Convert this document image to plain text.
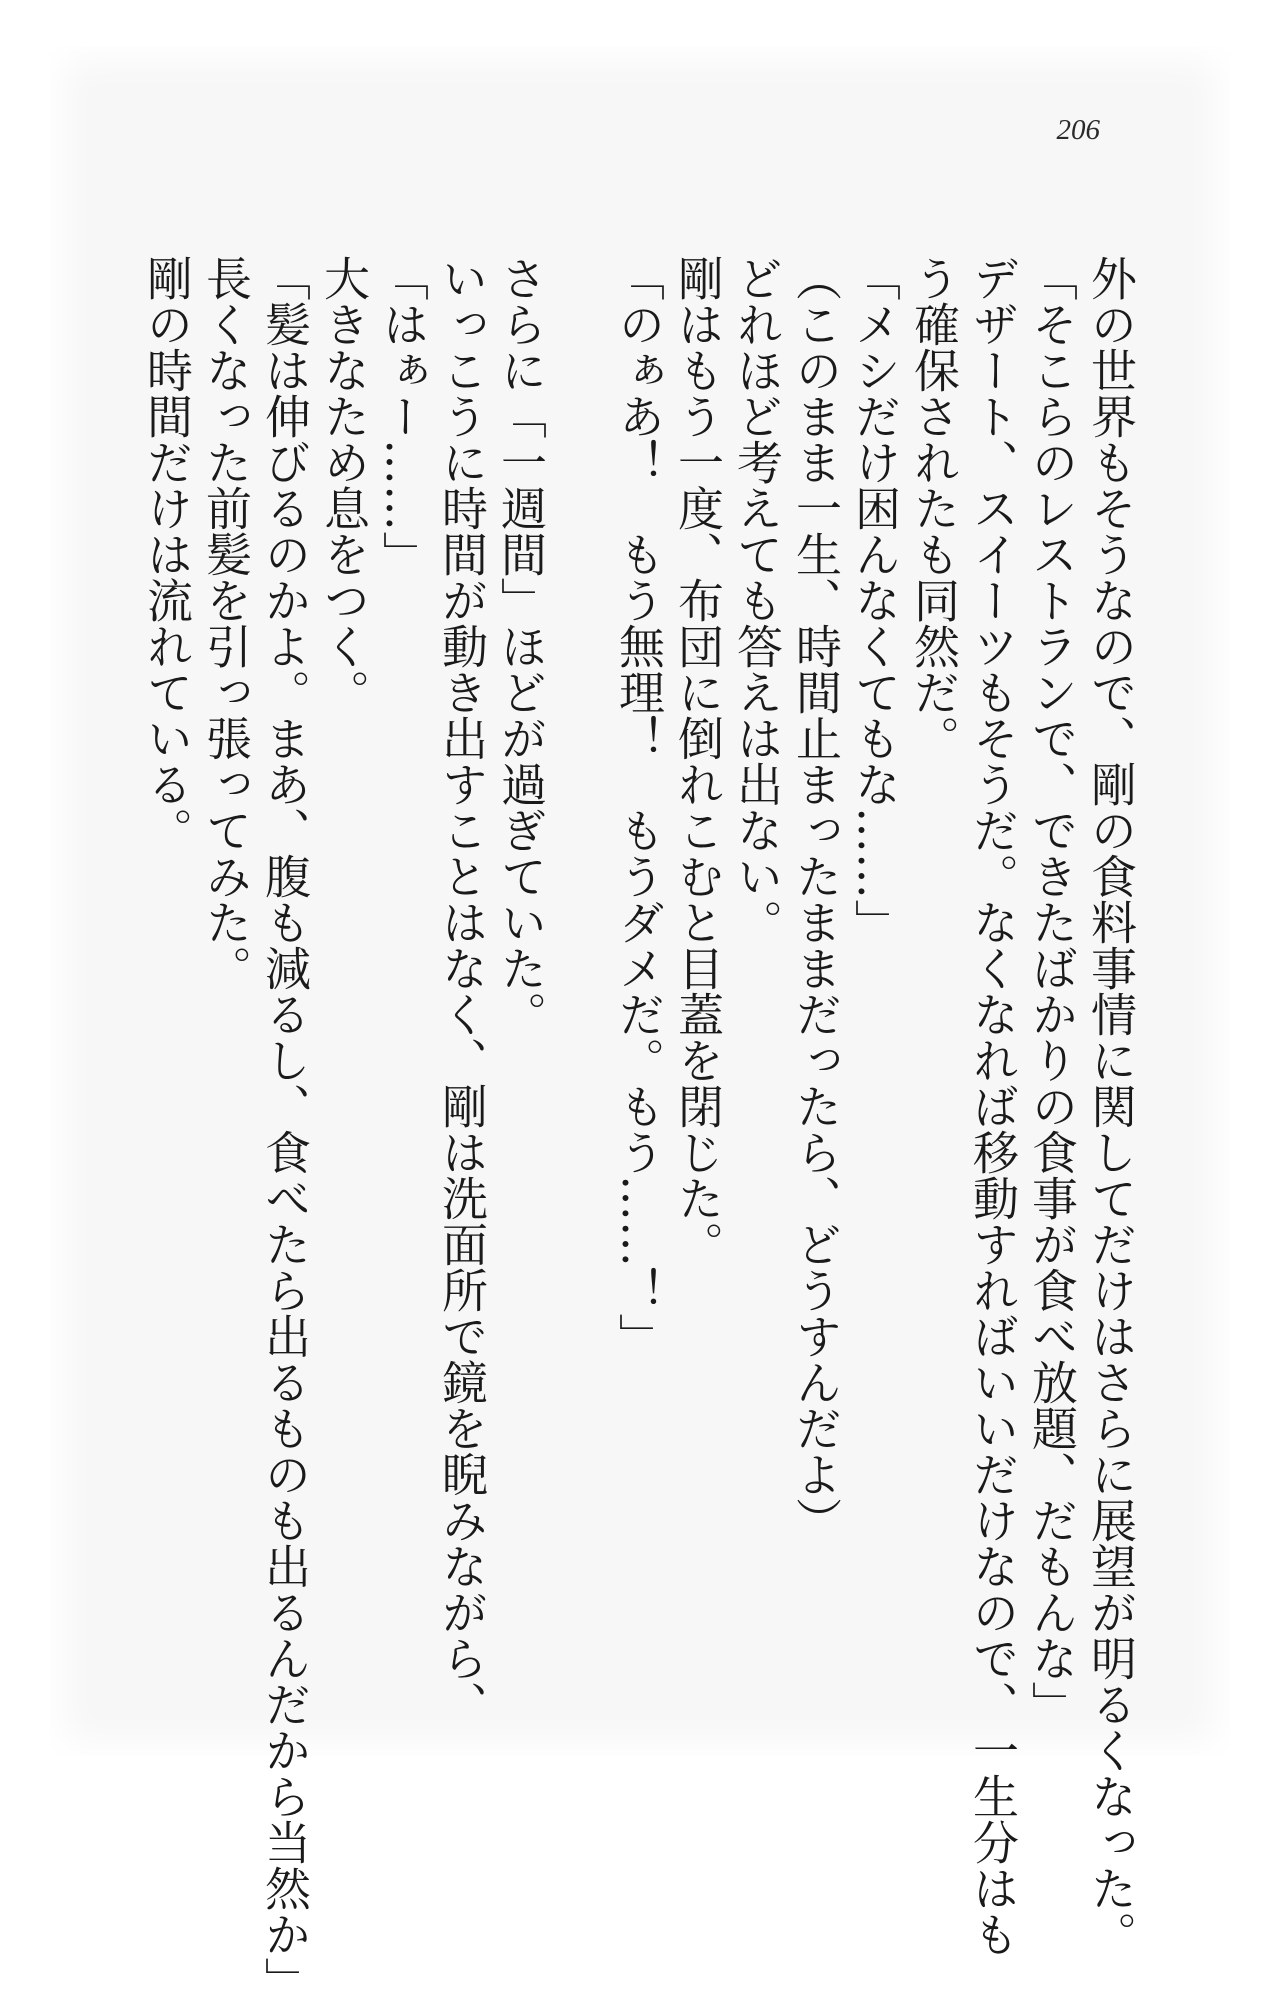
206

外の世界もそうなので、剛の食料事情に関してだけはさらに展望が明るくなった。

「そこらのレストランで、できたばかりの食事が食べ放題、だもんな」

デザート、スイーツもそうだ。なくなれば移動すればいいだけなので、一生分はも

う確保されたも同然だ。

「メシだけ困んなくてもな……」

（このまま一生、時間止まったままだったら、どうすんだよ）

どれほど考えても答えは出ない。

剛はもう一度、布団に倒れこむと目蓋を閉じた。

「のぁあ！　もう無理！　もうダメだ。もう……！」

さらに「一週間」ほどが過ぎていた。

いっこうに時間が動き出すことはなく、剛は洗面所で鏡を睨みながら、

「はぁー……」

大きなため息をつく。

「髪は伸びるのかよ。まあ、腹も減るし、食べたら出るものも出るんだから当然か」

長くなった前髪を引っ張ってみた。

剛の時間だけは流れている。
